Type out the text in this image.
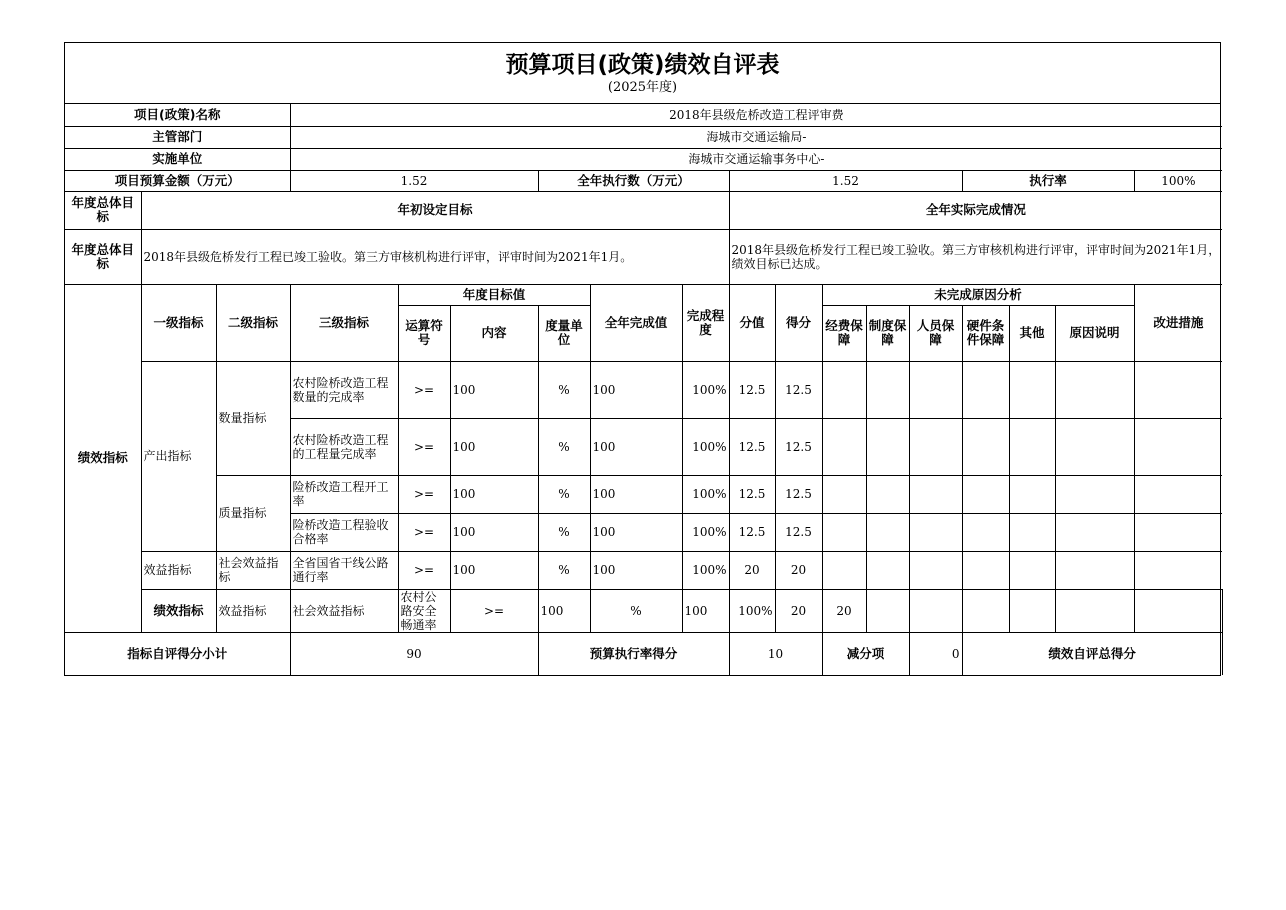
预算项目(政策)绩效自评表
(2025年度)
项目(政策)名称			2018年县级危桥改造工程评审费															
主管部门			海城市交通运输局-															
实施单位			海城市交通运输事务中心-															
项目预算金额（万元）			1.52			全年执行数（万元）			1.52					执行率			100%	
年度总体目标	年初设定目标								全年实际完成情况									
年度总体目标	2018年县级危桥发行工程已竣工验收。第三方审核机构进行评审，评审时间为2021年1月。								2018年县级危桥发行工程已竣工验收。第三方审核机构进行评审，评审时间为2021年1月，绩效目标已达成。									
绩效指标	一级指标	二级指标	三级指标	年度目标值			全年完成值	完成程度	分值	得分	未完成原因分析						改进措施	
				运算符号	内容	度量单位					经费保障	制度保障	人员保障	硬件条件保障	其他	原因说明		
	产出指标	数量指标	农村险桥改造工程数量的完成率	>=	100	%	100	100%	12.5	12.5								
			农村险桥改造工程的工程量完成率	>=	100	%	100	100%	12.5	12.5								
		质量指标	险桥改造工程开工率	>=	100	%	100	100%	12.5	12.5								
			险桥改造工程验收合格率	>=	100	%	100	100%	12.5	12.5								
	效益指标	社会效益指标	全省国省干线公路通行率	>=	100	%	100	100%	20	20								
	绩效指标	效益指标	社会效益指标	农村公路安全畅通率	>=	100	%	100	100%	20	20							
指标自评得分小计			90			预算执行率得分			10		减分项		0	绩效自评总得分	
